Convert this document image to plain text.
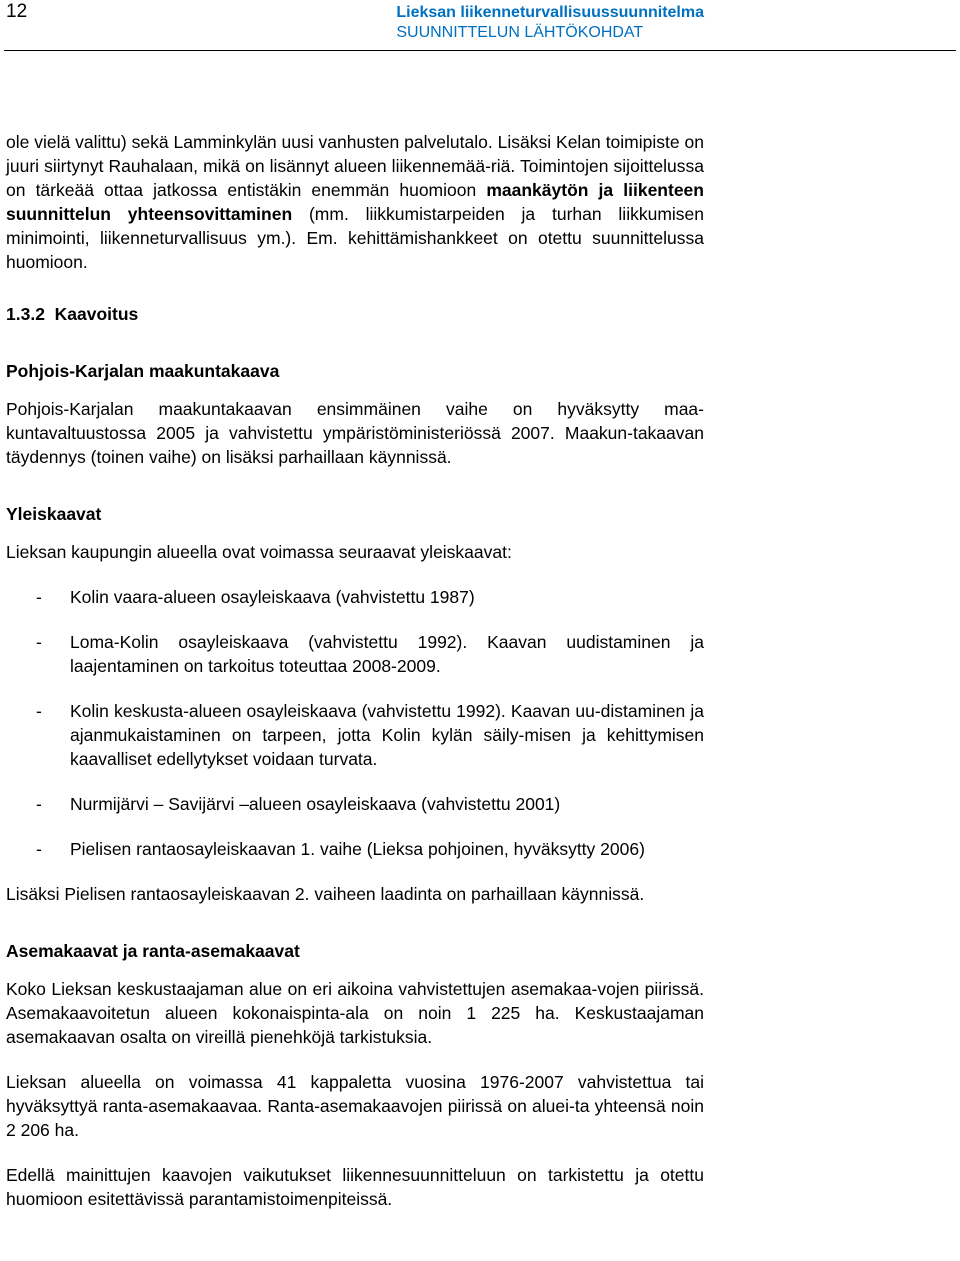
12	Lieksan liikenneturvallisuussuunnitelma
SUUNNITTELUN LÄHTÖKOHDAT

ole vielä valittu) sekä Lamminkylän uusi vanhusten palvelutalo. Lisäksi Kelan toimipiste on juuri siirtynyt Rauhalaan, mikä on lisännyt alueen liikennemää-riä. Toimintojen sijoittelussa on tärkeää ottaa jatkossa entistäkin enemmän huomioon maankäytön ja liikenteen suunnittelun yhteensovittaminen (mm. liikkumistarpeiden ja turhan liikkumisen minimointi, liikenneturvallisuus ym.). Em. kehittämishankkeet on otettu suunnittelussa huomioon.

1.3.2  Kaavoitus

Pohjois-Karjalan maakuntakaava

Pohjois-Karjalan maakuntakaavan ensimmäinen vaihe on hyväksytty maa-kuntavaltuustossa 2005 ja vahvistettu ympäristöministeriössä 2007. Maakun-takaavan täydennys (toinen vaihe) on lisäksi parhaillaan käynnissä.

Yleiskaavat

Lieksan kaupungin alueella ovat voimassa seuraavat yleiskaavat:

- Kolin vaara-alueen osayleiskaava (vahvistettu 1987)
- Loma-Kolin osayleiskaava (vahvistettu 1992). Kaavan uudistaminen ja laajentaminen on tarkoitus toteuttaa 2008-2009.
- Kolin keskusta-alueen osayleiskaava (vahvistettu 1992). Kaavan uu-distaminen ja ajanmukaistaminen on tarpeen, jotta Kolin kylän säily-misen ja kehittymisen kaavalliset edellytykset voidaan turvata.
- Nurmijärvi – Savijärvi –alueen osayleiskaava (vahvistettu 2001)
- Pielisen rantaosayleiskaavan 1. vaihe (Lieksa pohjoinen, hyväksytty 2006)

Lisäksi Pielisen rantaosayleiskaavan 2. vaiheen laadinta on parhaillaan käynnissä.

Asemakaavat ja ranta-asemakaavat

Koko Lieksan keskustaajaman alue on eri aikoina vahvistettujen asemakaa-vojen piirissä. Asemakaavoitetun alueen kokonaispinta-ala on noin 1 225 ha. Keskustaajaman asemakaavan osalta on vireillä pienehköjä tarkistuksia.

Lieksan alueella on voimassa 41 kappaletta vuosina 1976-2007 vahvistettua tai hyväksyttyä ranta-asemakaavaa. Ranta-asemakaavojen piirissä on aluei-ta yhteensä noin 2 206 ha.

Edellä mainittujen kaavojen vaikutukset liikennesuunnitteluun on tarkistettu ja otettu huomioon esitettävissä parantamistoimenpiteissä.
